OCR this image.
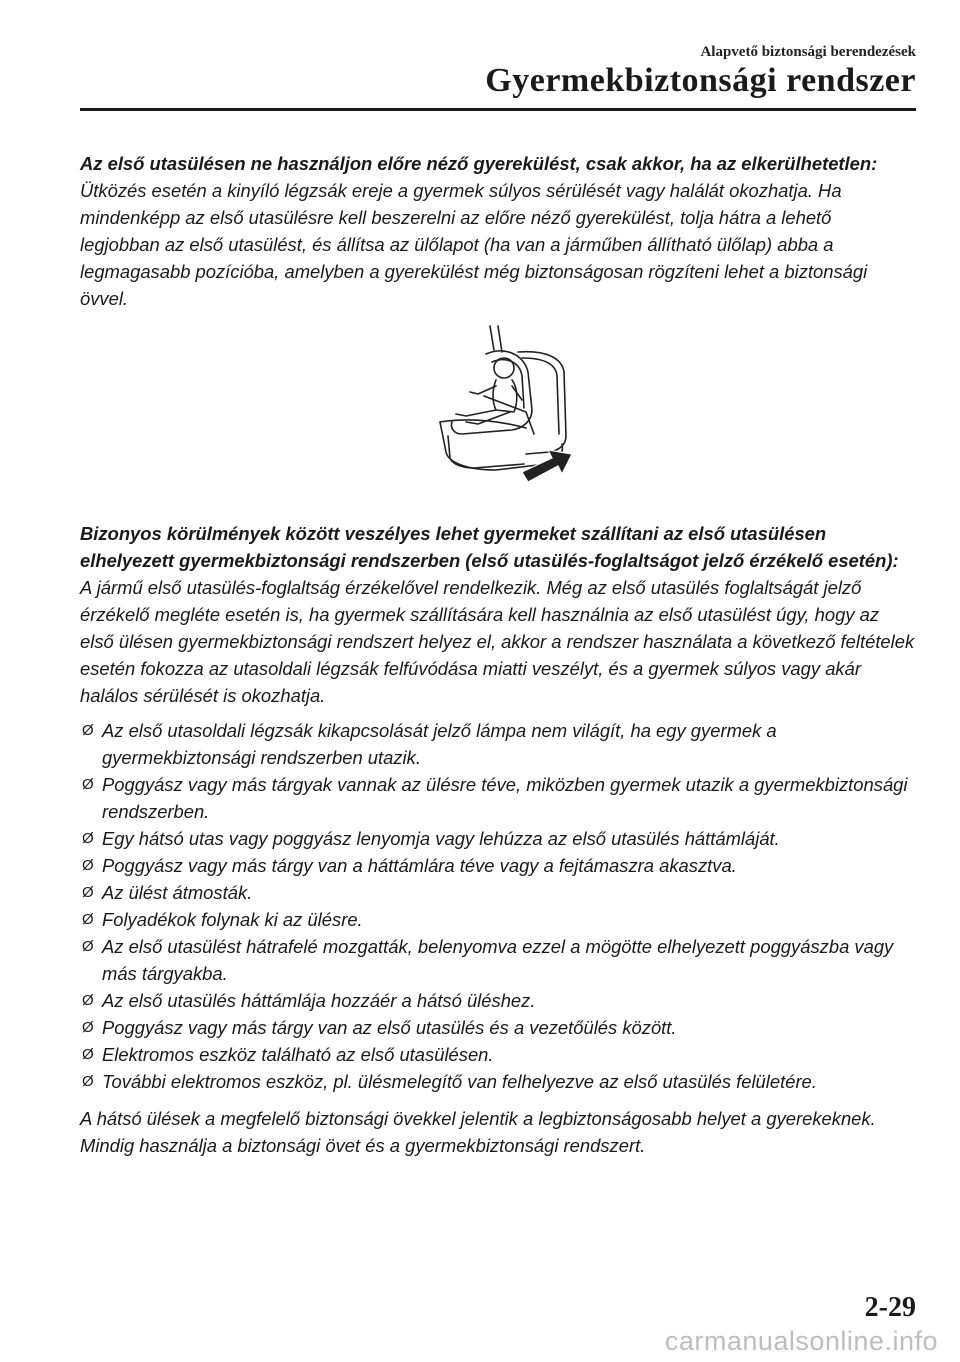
Alapvető biztonsági berendezések
Gyermekbiztonsági rendszer

Az első utasülésen ne használjon előre néző gyerekülést, csak akkor, ha az elkerülhetetlen:

Ütközés esetén a kinyíló légzsák ereje a gyermek súlyos sérülését vagy halálát okozhatja. Ha mindenképp az első utasülésre kell beszerelni az előre néző gyerekülést, tolja hátra a lehető legjobban az első utasülést, és állítsa az ülőlapot (ha van a járműben állítható ülőlap) abba a legmagasabb pozícióba, amelyben a gyerekülést még biztonságosan rögzíteni lehet a biztonsági övvel.

Bizonyos körülmények között veszélyes lehet gyermeket szállítani az első utasülésen elhelyezett gyermekbiztonsági rendszerben (első utasülés-foglaltságot jelző érzékelő esetén):

A jármű első utasülés-foglaltság érzékelővel rendelkezik. Még az első utasülés foglaltságát jelző érzékelő megléte esetén is, ha gyermek szállítására kell használnia az első utasülést úgy, hogy az első ülésen gyermekbiztonsági rendszert helyez el, akkor a rendszer használata a következő feltételek esetén fokozza az utasoldali légzsák felfúvódása miatti veszélyt, és a gyermek súlyos vagy akár halálos sérülését is okozhatja.

Ø Az első utasoldali légzsák kikapcsolását jelző lámpa nem világít, ha egy gyermek a gyermekbiztonsági rendszerben utazik.
Ø Poggyász vagy más tárgyak vannak az ülésre téve, miközben gyermek utazik a gyermekbiztonsági rendszerben.
Ø Egy hátsó utas vagy poggyász lenyomja vagy lehúzza az első utasülés háttámláját.
Ø Poggyász vagy más tárgy van a háttámlára téve vagy a fejtámaszra akasztva.
Ø Az ülést átmosták.
Ø Folyadékok folynak ki az ülésre.
Ø Az első utasülést hátrafelé mozgatták, belenyomva ezzel a mögötte elhelyezett poggyászba vagy más tárgyakba.
Ø Az első utasülés háttámlája hozzáér a hátsó üléshez.
Ø Poggyász vagy más tárgy van az első utasülés és a vezetőülés között.
Ø Elektromos eszköz található az első utasülésen.
Ø További elektromos eszköz, pl. ülésmelegítő van felhelyezve az első utasülés felületére.

A hátsó ülések a megfelelő biztonsági övekkel jelentik a legbiztonságosabb helyet a gyerekeknek. Mindig használja a biztonsági övet és a gyermekbiztonsági rendszert.

2-29
carmanualsonline.info
